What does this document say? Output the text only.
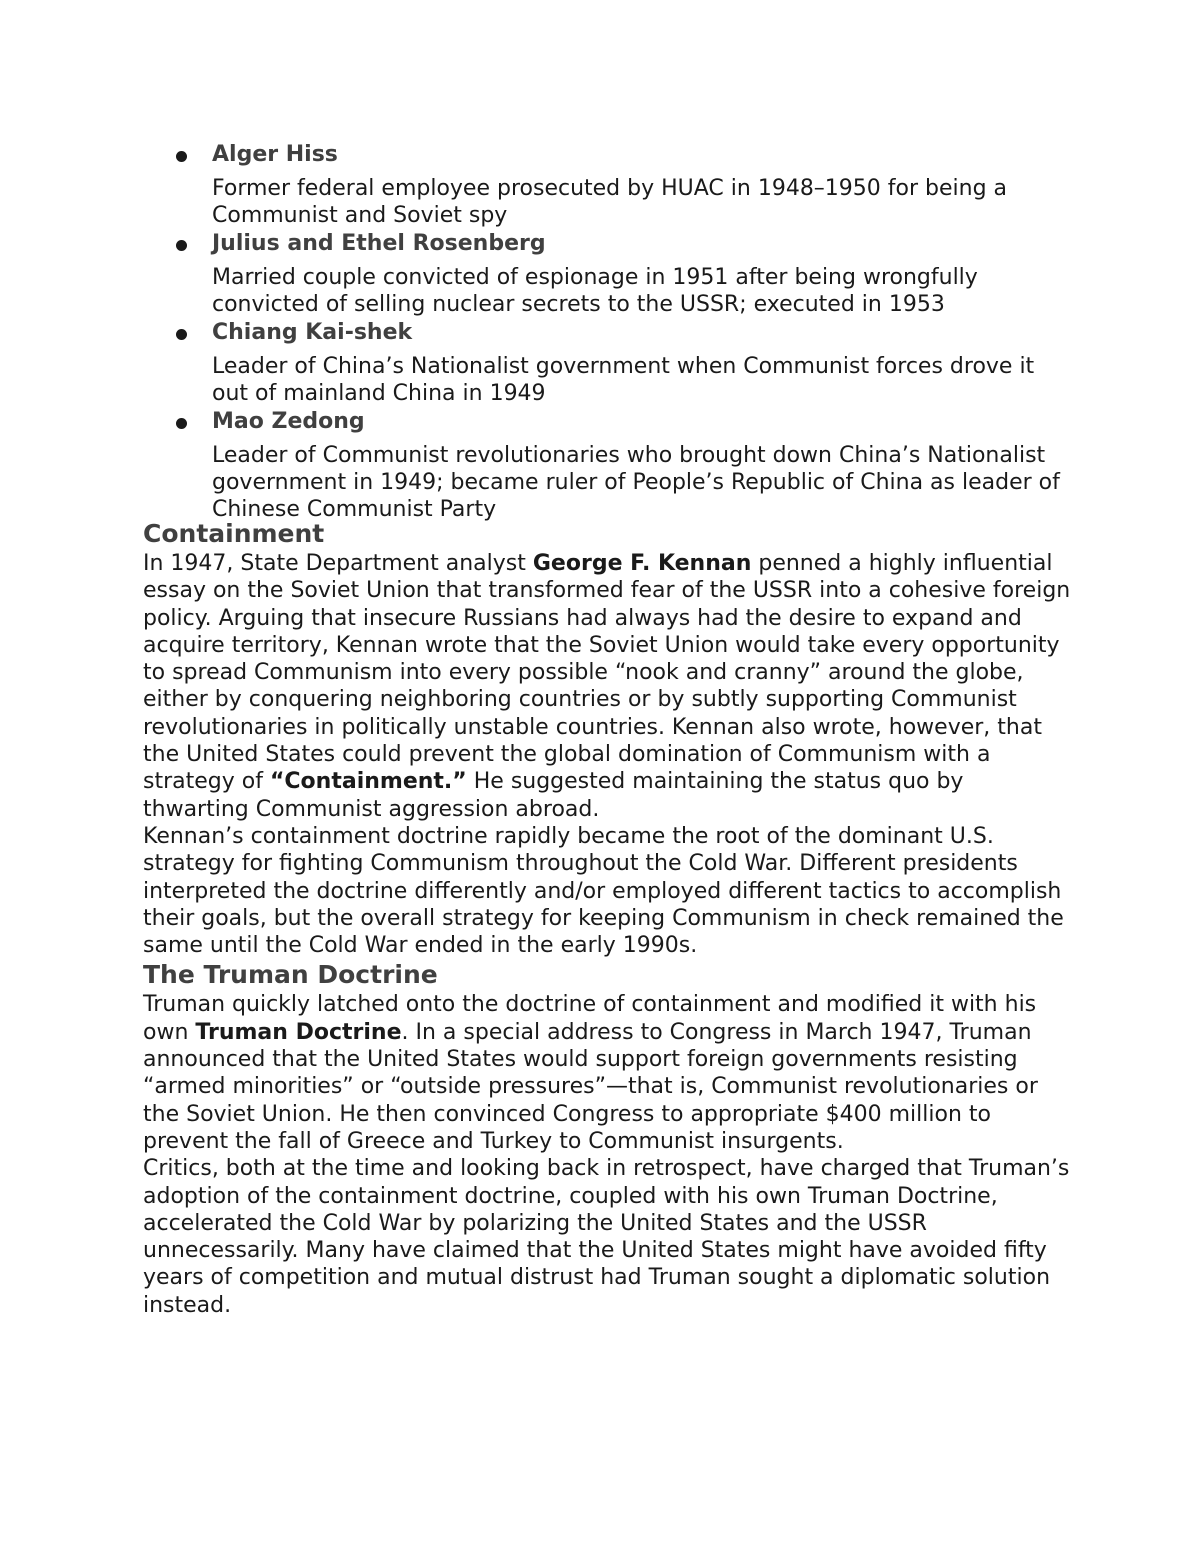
Alger Hiss
Former federal employee prosecuted by HUAC in 1948–1950 for being a Communist and Soviet spy
Julius and Ethel Rosenberg
Married couple convicted of espionage in 1951 after being wrongfully convicted of selling nuclear secrets to the USSR; executed in 1953
Chiang Kai-shek
Leader of China’s Nationalist government when Communist forces drove it out of mainland China in 1949
Mao Zedong
Leader of Communist revolutionaries who brought down China’s Nationalist government in 1949; became ruler of People’s Republic of China as leader of Chinese Communist Party
Containment
In 1947, State Department analyst George F. Kennan penned a highly influential essay on the Soviet Union that transformed fear of the USSR into a cohesive foreign policy. Arguing that insecure Russians had always had the desire to expand and acquire territory, Kennan wrote that the Soviet Union would take every opportunity to spread Communism into every possible “nook and cranny” around the globe, either by conquering neighboring countries or by subtly supporting Communist revolutionaries in politically unstable countries. Kennan also wrote, however, that the United States could prevent the global domination of Communism with a strategy of “Containment.” He suggested maintaining the status quo by thwarting Communist aggression abroad.
Kennan’s containment doctrine rapidly became the root of the dominant U.S. strategy for fighting Communism throughout the Cold War. Different presidents interpreted the doctrine differently and/or employed different tactics to accomplish their goals, but the overall strategy for keeping Communism in check remained the same until the Cold War ended in the early 1990s.
The Truman Doctrine
Truman quickly latched onto the doctrine of containment and modified it with his own Truman Doctrine. In a special address to Congress in March 1947, Truman announced that the United States would support foreign governments resisting “armed minorities” or “outside pressures”—that is, Communist revolutionaries or the Soviet Union. He then convinced Congress to appropriate $400 million to prevent the fall of Greece and Turkey to Communist insurgents.
Critics, both at the time and looking back in retrospect, have charged that Truman’s adoption of the containment doctrine, coupled with his own Truman Doctrine, accelerated the Cold War by polarizing the United States and the USSR unnecessarily. Many have claimed that the United States might have avoided fifty years of competition and mutual distrust had Truman sought a diplomatic solution instead.
